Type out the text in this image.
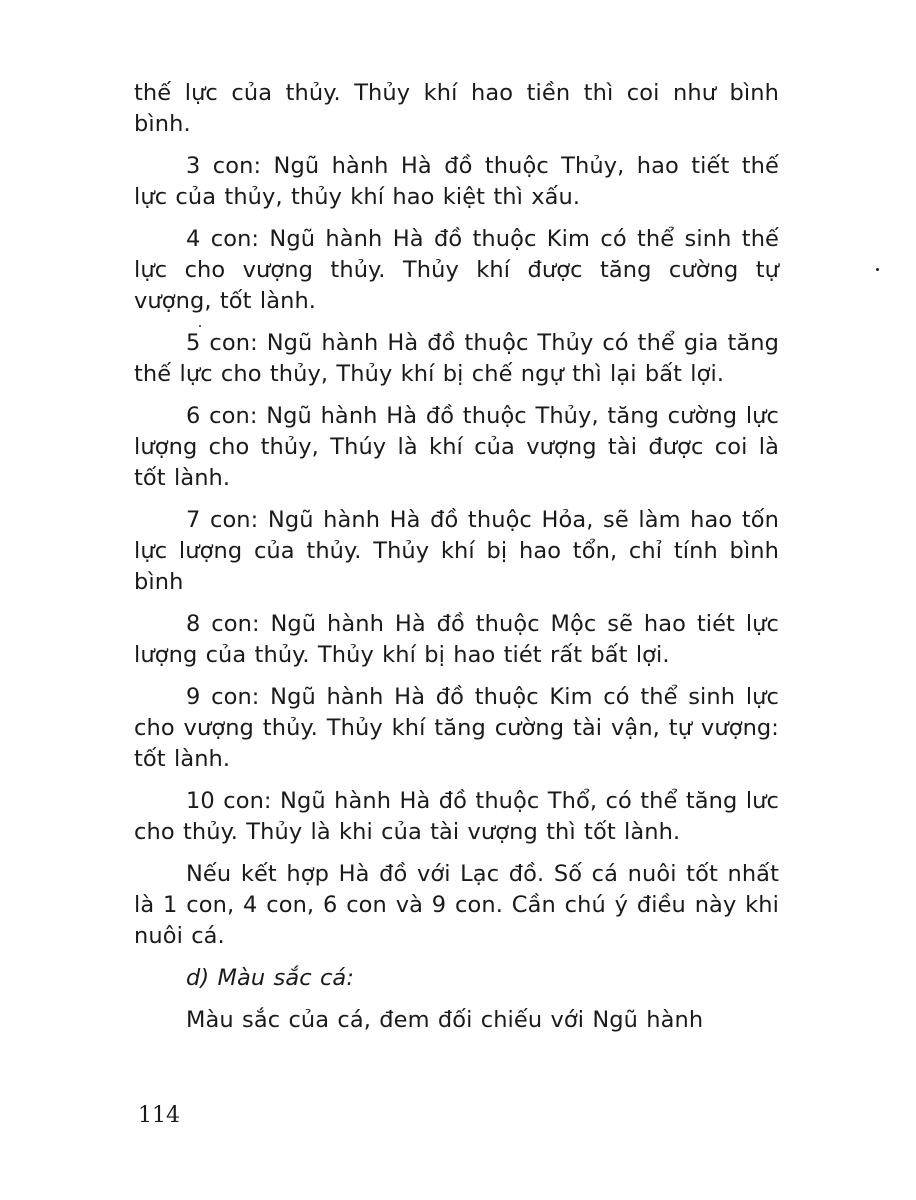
thế lực của thủy. Thủy khí hao tiền thì coi như bình bình.

3 con: Ngũ hành Hà đồ thuộc Thủy, hao tiết thế lực của thủy, thủy khí hao kiệt thì xấu.

4 con: Ngũ hành Hà đồ thuộc Kim có thể sinh thế lực cho vượng thủy. Thủy khí được tăng cường tự vượng, tốt lành.

5 con: Ngũ hành Hà đồ thuộc Thủy có thể gia tăng thế lực cho thủy, Thủy khí bị chế ngự thì lại bất lợi.

6 con: Ngũ hành Hà đồ thuộc Thủy, tăng cường lực lượng cho thủy, Thúy là khí của vượng tài được coi là tốt lành.

7 con: Ngũ hành Hà đồ thuộc Hỏa, sẽ làm hao tốn lực lượng của thủy. Thủy khí bị hao tổn, chỉ tính bình bình

8 con: Ngũ hành Hà đồ thuộc Mộc sẽ hao tiét lực lượng của thủy. Thủy khí bị hao tiét rất bất lợi.

9 con: Ngũ hành Hà đồ thuộc Kim có thể sinh lực cho vượng thủy. Thủy khí tăng cường tài vận, tự vượng: tốt lành.

10 con: Ngũ hành Hà đồ thuộc Thổ, có thể tăng lưc cho thủy. Thủy là khi của tài vượng thì tốt lành.

Nếu kết hợp Hà đồ với Lạc đồ. Số cá nuôi tốt nhất là 1 con, 4 con, 6 con và 9 con. Cần chú ý điều này khi nuôi cá.

d) Màu sắc cá:

Màu sắc của cá, đem đối chiếu với Ngũ hành

114
